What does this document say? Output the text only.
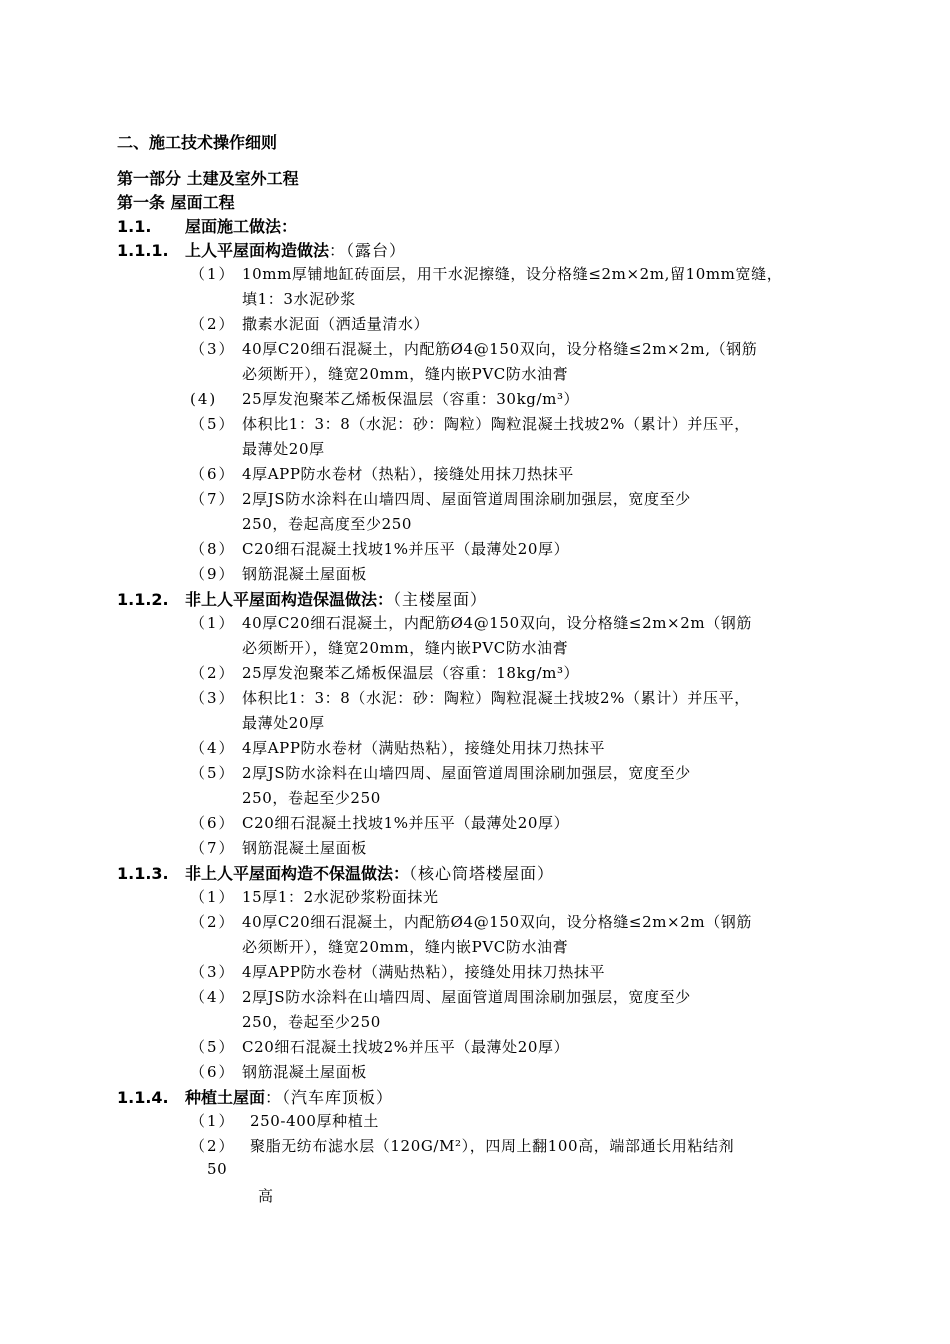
二、施工技术操作细则
第一部分 土建及室外工程
第一条 屋面工程
1.1. 屋面施工做法：
1.1.1. 上人平屋面构造做法：（露台）
（1） 10mm厚铺地缸砖面层，用干水泥擦缝，设分格缝≤2m×2m,留10mm宽缝，
填1：3水泥砂浆
（2） 撒素水泥面（洒适量清水）
（3） 40厚C20细石混凝土，内配筋Ø4@150双向，设分格缝≤2m×2m,（钢筋
必须断开），缝宽20mm，缝内嵌PVC防水油膏
(4) 25厚发泡聚苯乙烯板保温层（容重：30kg/m³）
（5） 体积比1：3：8（水泥：砂：陶粒）陶粒混凝土找坡2%（累计）并压平，
最薄处20厚
（6） 4厚APP防水卷材（热粘），接缝处用抹刀热抹平
（7） 2厚JS防水涂料在山墙四周、屋面管道周围涂刷加强层，宽度至少
250，卷起高度至少250
（8） C20细石混凝土找坡1%并压平（最薄处20厚）
（9） 钢筋混凝土屋面板
1.1.2. 非上人平屋面构造保温做法：（主楼屋面）
（1） 40厚C20细石混凝土，内配筋Ø4@150双向，设分格缝≤2m×2m（钢筋
必须断开），缝宽20mm，缝内嵌PVC防水油膏
（2） 25厚发泡聚苯乙烯板保温层（容重：18kg/m³）
（3） 体积比1：3：8（水泥：砂：陶粒）陶粒混凝土找坡2%（累计）并压平，
最薄处20厚
（4） 4厚APP防水卷材（满贴热粘），接缝处用抹刀热抹平
（5） 2厚JS防水涂料在山墙四周、屋面管道周围涂刷加强层，宽度至少
250，卷起至少250
（6） C20细石混凝土找坡1%并压平（最薄处20厚）
（7） 钢筋混凝土屋面板
1.1.3. 非上人平屋面构造不保温做法：（核心筒塔楼屋面）
（1） 15厚1：2水泥砂浆粉面抹光
（2） 40厚C20细石混凝土，内配筋Ø4@150双向，设分格缝≤2m×2m（钢筋
必须断开），缝宽20mm，缝内嵌PVC防水油膏
（3） 4厚APP防水卷材（满贴热粘），接缝处用抹刀热抹平
（4） 2厚JS防水涂料在山墙四周、屋面管道周围涂刷加强层，宽度至少
250，卷起至少250
（5） C20细石混凝土找坡2%并压平（最薄处20厚）
（6） 钢筋混凝土屋面板
1.1.4. 种植土屋面：（汽车库顶板）
（1） 250-400厚种植土
（2） 聚脂无纺布滤水层（120G/M²），四周上翻100高，端部通长用粘结剂
50
高
